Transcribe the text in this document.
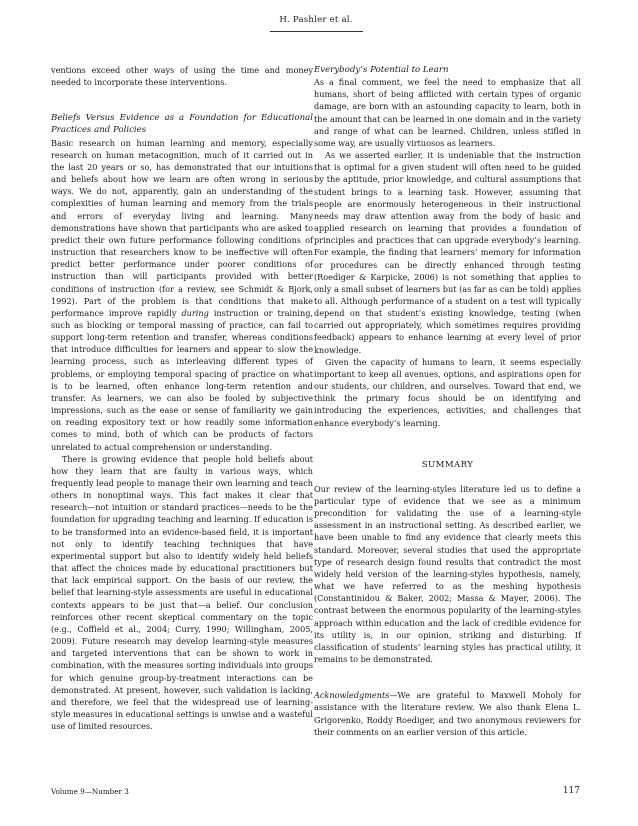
H. Pashler et al.

ventions exceed other ways of using the time and money needed to incorporate these interventions.

Beliefs Versus Evidence as a Foundation for Educational Practices and Policies

Basic research on human learning and memory, especially research on human metacognition, much of it carried out in the last 20 years or so, has demonstrated that our intuitions and beliefs about how we learn are often wrong in serious ways. We do not, apparently, gain an understanding of the complexities of human learning and memory from the trials and errors of everyday living and learning. Many demonstrations have shown that participants who are asked to predict their own future performance following conditions of instruction that researchers know to be ineffective will often predict better performance under poorer conditions of instruction than will participants provided with better conditions of instruction (for a review, see Schmidt & Bjork, 1992). Part of the problem is that conditions that make performance improve rapidly during instruction or training, such as blocking or temporal massing of practice, can fail to support long-term retention and transfer, whereas conditions that introduce difficulties for learners and appear to slow the learning process, such as interleaving different types of problems, or employing temporal spacing of practice on what is to be learned, often enhance long-term retention and transfer. As learners, we can also be fooled by subjective impressions, such as the ease or sense of familiarity we gain on reading expository text or how readily some information comes to mind, both of which can be products of factors unrelated to actual comprehension or understanding.

There is growing evidence that people hold beliefs about how they learn that are faulty in various ways, which frequently lead people to manage their own learning and teach others in nonoptimal ways. This fact makes it clear that research—not intuition or standard practices—needs to be the foundation for upgrading teaching and learning. If education is to be transformed into an evidence-based field, it is important not only to identify teaching techniques that have experimental support but also to identify widely held beliefs that affect the choices made by educational practitioners but that lack empirical support. On the basis of our review, the belief that learning-style assessments are useful in educational contexts appears to be just that—a belief. Our conclusion reinforces other recent skeptical commentary on the topic (e.g., Coffield et al., 2004; Curry, 1990; Willingham, 2005, 2009). Future research may develop learning-style measures and targeted interventions that can be shown to work in combination, with the measures sorting individuals into groups for which genuine group-by-treatment interactions can be demonstrated. At present, however, such validation is lacking, and therefore, we feel that the widespread use of learning-style measures in educational settings is unwise and a wasteful use of limited resources.

Everybody’s Potential to Learn

As a final comment, we feel the need to emphasize that all humans, short of being afflicted with certain types of organic damage, are born with an astounding capacity to learn, both in the amount that can be learned in one domain and in the variety and range of what can be learned. Children, unless stifled in some way, are usually virtuosos as learners.

As we asserted earlier, it is undeniable that the instruction that is optimal for a given student will often need to be guided by the aptitude, prior knowledge, and cultural assumptions that student brings to a learning task. However, assuming that people are enormously heterogeneous in their instructional needs may draw attention away from the body of basic and applied research on learning that provides a foundation of principles and practices that can upgrade everybody’s learning. For example, the finding that learners’ memory for information or procedures can be directly enhanced through testing (Roediger & Karpicke, 2006) is not something that applies to only a small subset of learners but (as far as can be told) applies to all. Although performance of a student on a test will typically depend on that student’s existing knowledge, testing (when carried out appropriately, which sometimes requires providing feedback) appears to enhance learning at every level of prior knowledge.

Given the capacity of humans to learn, it seems especially important to keep all avenues, options, and aspirations open for our students, our children, and ourselves. Toward that end, we think the primary focus should be on identifying and introducing the experiences, activities, and challenges that enhance everybody’s learning.

SUMMARY

Our review of the learning-styles literature led us to define a particular type of evidence that we see as a minimum precondition for validating the use of a learning-style assessment in an instructional setting. As described earlier, we have been unable to find any evidence that clearly meets this standard. Moreover, several studies that used the appropriate type of research design found results that contradict the most widely held version of the learning-styles hypothesis, namely, what we have referred to as the meshing hypothesis (Constantinidou & Baker, 2002; Massa & Mayer, 2006). The contrast between the enormous popularity of the learning-styles approach within education and the lack of credible evidence for its utility is, in our opinion, striking and disturbing. If classification of students’ learning styles has practical utility, it remains to be demonstrated.

Acknowledgments—We are grateful to Maxwell Moholy for assistance with the literature review. We also thank Elena L. Grigorenko, Roddy Roediger, and two anonymous reviewers for their comments on an earlier version of this article.

Volume 9—Number 3	117
